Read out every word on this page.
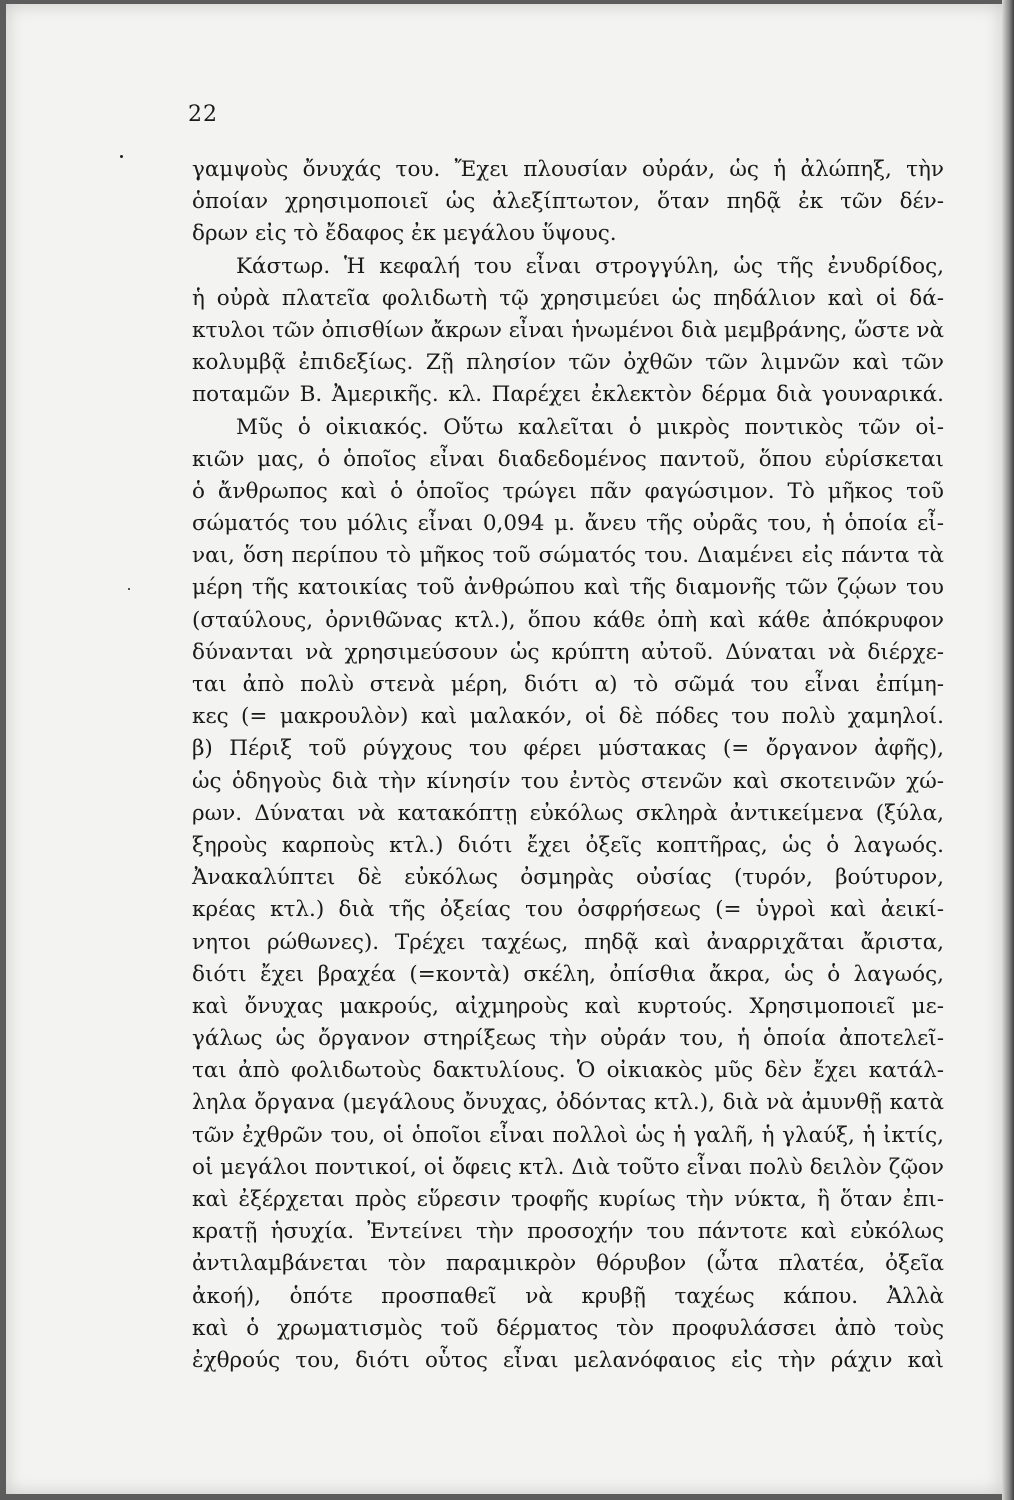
22
γαμψοὺς ὄνυχάς του. Ἔχει πλουσίαν οὐράν, ὡς ἡ ἀλώπηξ, τὴν
ὁποίαν χρησιμοποιεῖ ὡς ἀλεξίπτωτον, ὅταν πηδᾷ ἐκ τῶν δέν-
δρων εἰς τὸ ἔδαφος ἐκ μεγάλου ὕψους.
Κάστωρ. Ἡ κεφαλή του εἶναι στρογγύλη, ὡς τῆς ἐνυδρίδος,
ἡ οὐρὰ πλατεῖα φολιδωτὴ τῷ χρησιμεύει ὡς πηδάλιον καὶ οἱ δά-
κτυλοι τῶν ὀπισθίων ἄκρων εἶναι ἡνωμένοι διὰ μεμβράνης, ὥστε νὰ
κολυμβᾷ ἐπιδεξίως. Ζῇ πλησίον τῶν ὀχθῶν τῶν λιμνῶν καὶ τῶν
ποταμῶν Β. Ἀμερικῆς. κλ. Παρέχει ἐκλεκτὸν δέρμα διὰ γουναρικά.
Μῦς ὁ οἰκιακός. Οὕτω καλεῖται ὁ μικρὸς ποντικὸς τῶν οἰ-
κιῶν μας, ὁ ὁποῖος εἶναι διαδεδομένος παντοῦ, ὅπου εὑρίσκεται
ὁ ἄνθρωπος καὶ ὁ ὁποῖος τρώγει πᾶν φαγώσιμον. Τὸ μῆκος τοῦ
σώματός του μόλις εἶναι 0,094 μ. ἄνευ τῆς οὐρᾶς του, ἡ ὁποία εἶ-
ναι, ὅση περίπου τὸ μῆκος τοῦ σώματός του. Διαμένει εἰς πάντα τὰ
μέρη τῆς κατοικίας τοῦ ἀνθρώπου καὶ τῆς διαμονῆς τῶν ζῴων του
(σταύλους, ὀρνιθῶνας κτλ.), ὅπου κάθε ὀπὴ καὶ κάθε ἀπόκρυφον
δύνανται νὰ χρησιμεύσουν ὡς κρύπτη αὐτοῦ. Δύναται νὰ διέρχε-
ται ἀπὸ πολὺ στενὰ μέρη, διότι α) τὸ σῶμά του εἶναι ἐπίμη-
κες (= μακρουλὸν) καὶ μαλακόν, οἱ δὲ πόδες του πολὺ χαμηλοί.
β) Πέριξ τοῦ ρύγχους του φέρει μύστακας (= ὄργανον ἀφῆς),
ὡς ὁδηγοὺς διὰ τὴν κίνησίν του ἐντὸς στενῶν καὶ σκοτεινῶν χώ-
ρων. Δύναται νὰ κατακόπτῃ εὐκόλως σκληρὰ ἀντικείμενα (ξύλα,
ξηροὺς καρποὺς κτλ.) διότι ἔχει ὀξεῖς κοπτῆρας, ὡς ὁ λαγωός.
Ἀνακαλύπτει δὲ εὐκόλως ὀσμηρὰς οὐσίας (τυρόν, βούτυρον,
κρέας κτλ.) διὰ τῆς ὀξείας του ὀσφρήσεως (= ὑγροὶ καὶ ἀεικί-
νητοι ρώθωνες). Τρέχει ταχέως, πηδᾷ καὶ ἀναρριχᾶται ἄριστα,
διότι ἔχει βραχέα (=κοντὰ) σκέλη, ὀπίσθια ἄκρα, ὡς ὁ λαγωός,
καὶ ὄνυχας μακρούς, αἰχμηροὺς καὶ κυρτούς. Χρησιμοποιεῖ με-
γάλως ὡς ὄργανον στηρίξεως τὴν οὐράν του, ἡ ὁποία ἀποτελεῖ-
ται ἀπὸ φολιδωτοὺς δακτυλίους. Ὁ οἰκιακὸς μῦς δὲν ἔχει κατάλ-
ληλα ὄργανα (μεγάλους ὄνυχας, ὀδόντας κτλ.), διὰ νὰ ἀμυνθῇ κατὰ
τῶν ἐχθρῶν του, οἱ ὁποῖοι εἶναι πολλοὶ ὡς ἡ γαλῆ, ἡ γλαύξ, ἡ ἰκτίς,
οἱ μεγάλοι ποντικοί, οἱ ὄφεις κτλ. Διὰ τοῦτο εἶναι πολὺ δειλὸν ζῷον
καὶ ἐξέρχεται πρὸς εὕρεσιν τροφῆς κυρίως τὴν νύκτα, ἢ ὅταν ἐπι-
κρατῇ ἡσυχία. Ἐντείνει τὴν προσοχήν του πάντοτε καὶ εὐκόλως
ἀντιλαμβάνεται τὸν παραμικρὸν θόρυβον (ὦτα πλατέα, ὀξεῖα
ἀκοή), ὁπότε προσπαθεῖ νὰ κρυβῇ ταχέως κάπου. Ἀλλὰ
καὶ ὁ χρωματισμὸς τοῦ δέρματος τὸν προφυλάσσει ἀπὸ τοὺς
ἐχθρούς του, διότι οὗτος εἶναι μελανόφαιος εἰς τὴν ράχιν καὶ
